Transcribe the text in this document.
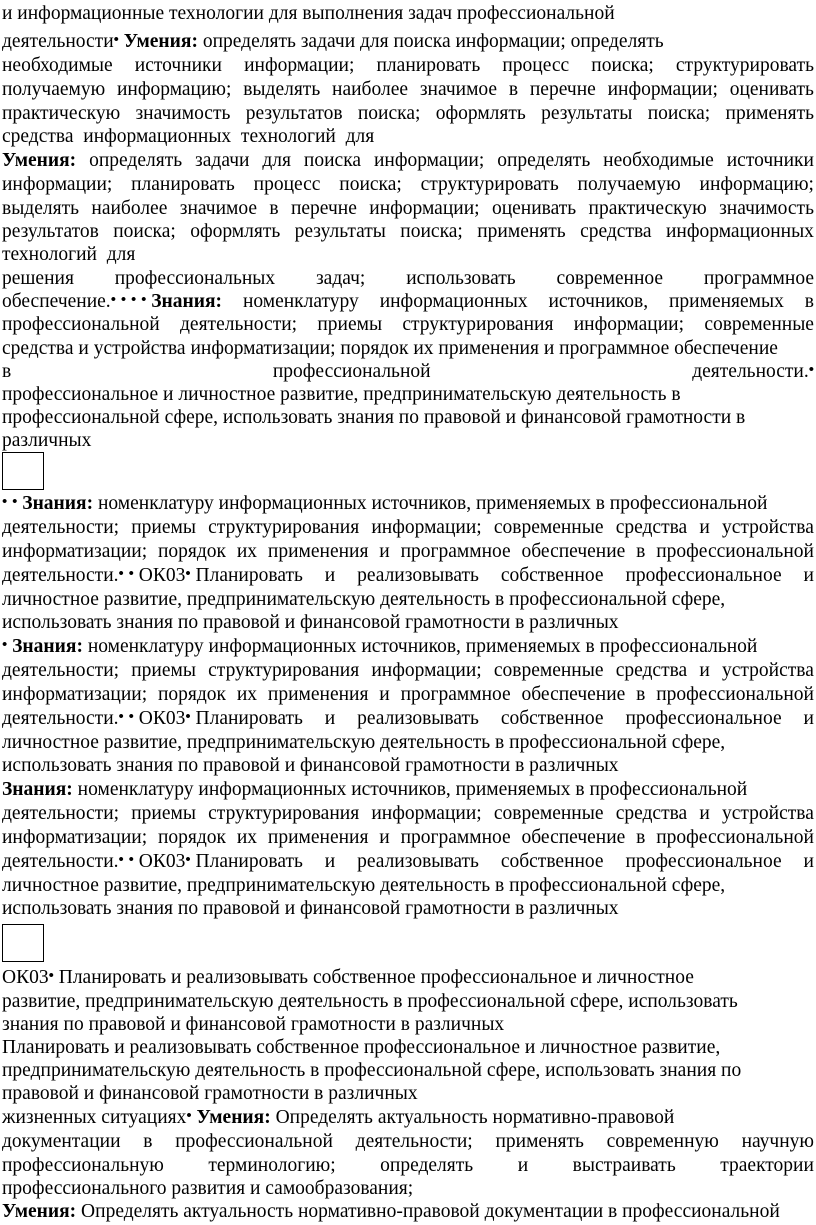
и информационные технологии для выполнения задач профессиональной
деятельности• Умения: определять задачи для поиска информации; определять
необходимые источники информации; планировать процесс поиска; структурировать
получаемую информацию; выделять наиболее значимое в перечне информации; оценивать
практическую значимость результатов поиска; оформлять результаты поиска; применять
средства  информационных  технологий  для
Умения: определять задачи для поиска информации; определять необходимые источники
информации; планировать процесс поиска; структурировать получаемую информацию;
выделять наиболее значимое в перечне информации; оценивать практическую значимость
результатов поиска; оформлять результаты поиска; применять средства информационных
технологий  для
решения профессиональных задач; использовать современное программное
обеспечение.• • • • Знания: номенклатуру информационных источников, применяемых в
профессиональной деятельности; приемы структурирования информации; современные
средства и устройства информатизации; порядок их применения и программное обеспечение
в	профессиональной	деятельности.•
профессиональное и личностное развитие, предпринимательскую деятельность в
профессиональной сфере, использовать знания по правовой и финансовой грамотности в
различных
• • Знания: номенклатуру информационных источников, применяемых в профессиональной
деятельности; приемы структурирования информации; современные средства и устройства
информатизации; порядок их применения и программное обеспечение в профессиональной
деятельности.• • ОК03• Планировать и реализовывать собственное профессиональное и
личностное развитие, предпринимательскую деятельность в профессиональной сфере,
использовать знания по правовой и финансовой грамотности в различных
• Знания: номенклатуру информационных источников, применяемых в профессиональной
деятельности; приемы структурирования информации; современные средства и устройства
информатизации; порядок их применения и программное обеспечение в профессиональной
деятельности.• • ОК03• Планировать и реализовывать собственное профессиональное и
личностное развитие, предпринимательскую деятельность в профессиональной сфере,
использовать знания по правовой и финансовой грамотности в различных
Знания: номенклатуру информационных источников, применяемых в профессиональной
деятельности; приемы структурирования информации; современные средства и устройства
информатизации; порядок их применения и программное обеспечение в профессиональной
деятельности.• • ОК03• Планировать и реализовывать собственное профессиональное и
личностное развитие, предпринимательскую деятельность в профессиональной сфере,
использовать знания по правовой и финансовой грамотности в различных
ОК03• Планировать и реализовывать собственное профессиональное и личностное
развитие, предпринимательскую деятельность в профессиональной сфере, использовать
знания по правовой и финансовой грамотности в различных
Планировать и реализовывать собственное профессиональное и личностное развитие,
предпринимательскую деятельность в профессиональной сфере, использовать знания по
правовой и финансовой грамотности в различных
жизненных ситуациях• Умения: Определять актуальность нормативно-правовой
документации в профессиональной деятельности; применять современную научную
профессиональную терминологию; определять и выстраивать траектории
профессионального развития и самообразования;
Умения: Определять актуальность нормативно-правовой документации в профессиональной
